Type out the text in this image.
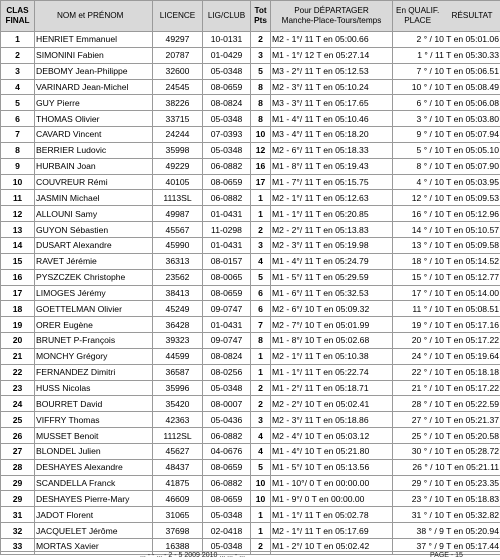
CLAS
FINAL	NOM et PRÉNOM	LICENCE	LIG/CLUB	Tot
Pts	Pour DÉPARTAGER
Manche-Place-Tours/temps	En QUALIF.
PLACE RÉSULTAT
1	HENRIET Emmanuel	49297	10-0131	2	M2 - 1°/ 11 T en 05:00.66	2 ° / 10 T en 05:01.06
2	SIMONINI Fabien	20787	01-0429	3	M1 - 1°/ 12 T en 05:27.14	1 ° / 11 T en 05:30.33
3	DEBOMY Jean-Philippe	32600	05-0348	5	M3 - 2°/ 11 T en 05:12.53	7 ° / 10 T en 05:06.51
4	VARINARD Jean-Michel	24545	08-0659	8	M2 - 3°/ 11 T en 05:10.24	10 ° / 10 T en 05:08.49
5	GUY Pierre	38226	08-0824	8	M3 - 3°/ 11 T en 05:17.65	6 ° / 10 T en 05:06.08
6	THOMAS Olivier	33715	05-0348	8	M1 - 4°/ 11 T en 05:10.46	3 ° / 10 T en 05:03.80
7	CAVARD Vincent	24244	07-0393	10	M3 - 4°/ 11 T en 05:18.20	9 ° / 10 T en 05:07.94
8	BERRIER Ludovic	35998	05-0348	12	M2 - 6°/ 11 T en 05:18.33	5 ° / 10 T en 05:05.10
9	HURBAIN Joan	49229	06-0882	16	M1 - 8°/ 11 T en 05:19.43	8 ° / 10 T en 05:07.90
10	COUVREUR Rémi	40105	08-0659	17	M1 - 7°/ 11 T en 05:15.75	4 ° / 10 T en 05:03.95
11	JASMIN Michael	1113SL	06-0882	1	M2 - 1°/ 11 T en 05:12.63	12 ° / 10 T en 05:09.53
12	ALLOUNI Samy	49987	01-0431	1	M1 - 1°/ 11 T en 05:20.85	16 ° / 10 T en 05:12.96
13	GUYON Sébastien	45567	11-0298	2	M2 - 2°/ 11 T en 05:13.83	14 ° / 10 T en 05:10.57
14	DUSART Alexandre	45990	01-0431	3	M2 - 3°/ 11 T en 05:19.98	13 ° / 10 T en 05:09.58
15	RAVET Jérémie	36313	08-0157	4	M1 - 4°/ 11 T en 05:24.79	18 ° / 10 T en 05:14.52
16	PYSZCZEK Christophe	23562	08-0065	5	M1 - 5°/ 11 T en 05:29.59	15 ° / 10 T en 05:12.77
17	LIMOGES Jérémy	38413	08-0659	6	M1 - 6°/ 11 T en 05:32.53	17 ° / 10 T en 05:14.00
18	GOETTELMAN Olivier	45249	09-0747	6	M2 - 6°/ 10 T en 05:09.32	11 ° / 10 T en 05:08.51
19	ORER Eugène	36428	01-0431	7	M2 - 7°/ 10 T en 05:01.99	19 ° / 10 T en 05:17.16
20	BRUNET P-François	39323	09-0747	8	M1 - 8°/ 10 T en 05:02.68	20 ° / 10 T en 05:17.22
21	MONCHY Grégory	44599	08-0824	1	M2 - 1°/ 11 T en 05:10.38	24 ° / 10 T en 05:19.64
22	FERNANDEZ Dimitri	36587	08-0256	1	M1 - 1°/ 11 T en 05:22.74	22 ° / 10 T en 05:18.18
23	HUSS Nicolas	35996	05-0348	2	M1 - 2°/ 11 T en 05:18.71	21 ° / 10 T en 05:17.22
24	BOURRET David	35420	08-0007	2	M2 - 2°/ 10 T en 05:02.41	28 ° / 10 T en 05:22.59
25	VIFFRY Thomas	42363	05-0436	3	M2 - 3°/ 11 T en 05:18.86	27 ° / 10 T en 05:21.37
26	MUSSET Benoit	1112SL	06-0882	4	M2 - 4°/ 10 T en 05:03.12	25 ° / 10 T en 05:20.58
27	BLONDEL Julien	45627	04-0676	4	M1 - 4°/ 10 T en 05:21.80	30 ° / 10 T en 05:28.72
28	DESHAYES Alexandre	48437	08-0659	5	M1 - 5°/ 10 T en 05:13.56	26 ° / 10 T en 05:21.11
29	SCANDELLA Franck	41875	06-0882	10	M1 - 10°/ 0 T en 00:00.00	29 ° / 10 T en 05:23.35
29	DESHAYES Pierre-Mary	46609	08-0659	10	M1 - 9°/ 0 T en 00:00.00	23 ° / 10 T en 05:18.83
31	JADOT Florent	31065	05-0348	1	M1 - 1°/ 11 T en 05:02.78	31 ° / 10 T en 05:32.82
32	JACQUELET Jérôme	37698	02-0418	1	M2 - 1°/ 11 T en 05:17.69	38 ° / 9 T en 05:20.94
33	MORTAS Xavier	16388	05-0348	2	M1 - 2°/ 10 T en 05:02.42	37 ° / 9 T en 05:17.44
... - - ... - 2 - 5 2009 2010 ... ... - ...	PAGE - 15
